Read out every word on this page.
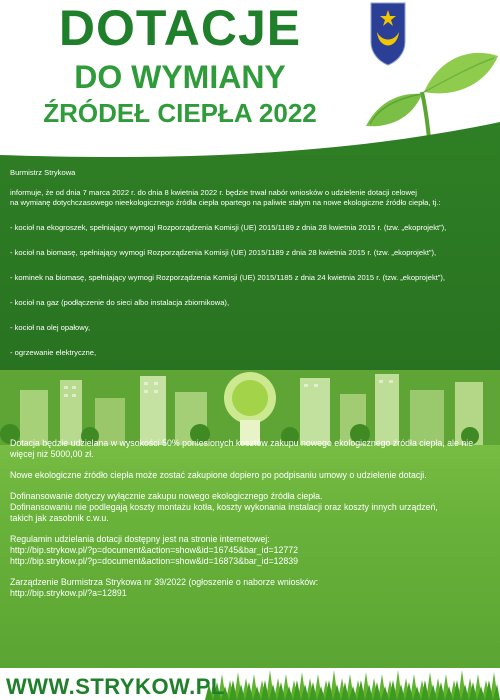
DOTACJE
DO WYMIANY
ŹRÓDEŁ CIEPŁA 2022

Burmistrz Strykowa

informuje, że od dnia 7 marca 2022 r. do dnia 8 kwietnia 2022 r. będzie trwał nabór wniosków o udzielenie dotacji celowej

na wymianę dotychczasowego nieekologicznego źródła ciepła opartego na paliwie stałym na nowe ekologiczne źródło ciepła, tj.:

- kocioł na ekogroszek, spełniający wymogi Rozporządzenia Komisji (UE) 2015/1189 z dnia 28 kwietnia 2015 r. (tzw. „ekoprojekt”),

- kocioł na biomasę, spełniający wymogi Rozporządzenia Komisji (UE) 2015/1189 z dnia 28 kwietnia 2015 r. (tzw. „ekoprojekt”),

- kominek na biomasę, spełniający wymogi Rozporządzenia Komisji (UE) 2015/1185 z dnia 24 kwietnia 2015 r. (tzw. „ekoprojekt”),

- kocioł na gaz (podłączenie do sieci albo instalacja zbiornikowa),

- kocioł na olej opałowy,

- ogrzewanie elektryczne,

Dotacja będzie udzielana w wysokości 50% poniesionych kosztów zakupu nowego ekologicznego źródła ciepła, ale nie więcej niż 5000,00 zł.

Nowe ekologiczne źródło ciepła może zostać zakupione dopiero po podpisaniu umowy o udzielenie dotacji.

Dofinansowanie dotyczy wyłącznie zakupu nowego ekologicznego źródła ciepła.

Dofinansowaniu nie podlegają koszty montażu kotła, koszty wykonania instalacji oraz koszty innych urządzeń,

takich jak zasobnik c.w.u.

Regulamin udzielania dotacji dostępny jest na stronie internetowej:

http://bip.strykow.pl/?p=document&action=show&id=16745&bar_id=12772

http://bip.strykow.pl/?p=document&action=show&id=16873&bar_id=12839

Zarządzenie Burmistrza Strykowa nr 39/2022 (ogłoszenie o naborze wniosków:

http://bip.strykow.pl/?a=12891

WWW.STRYKOW.PL
